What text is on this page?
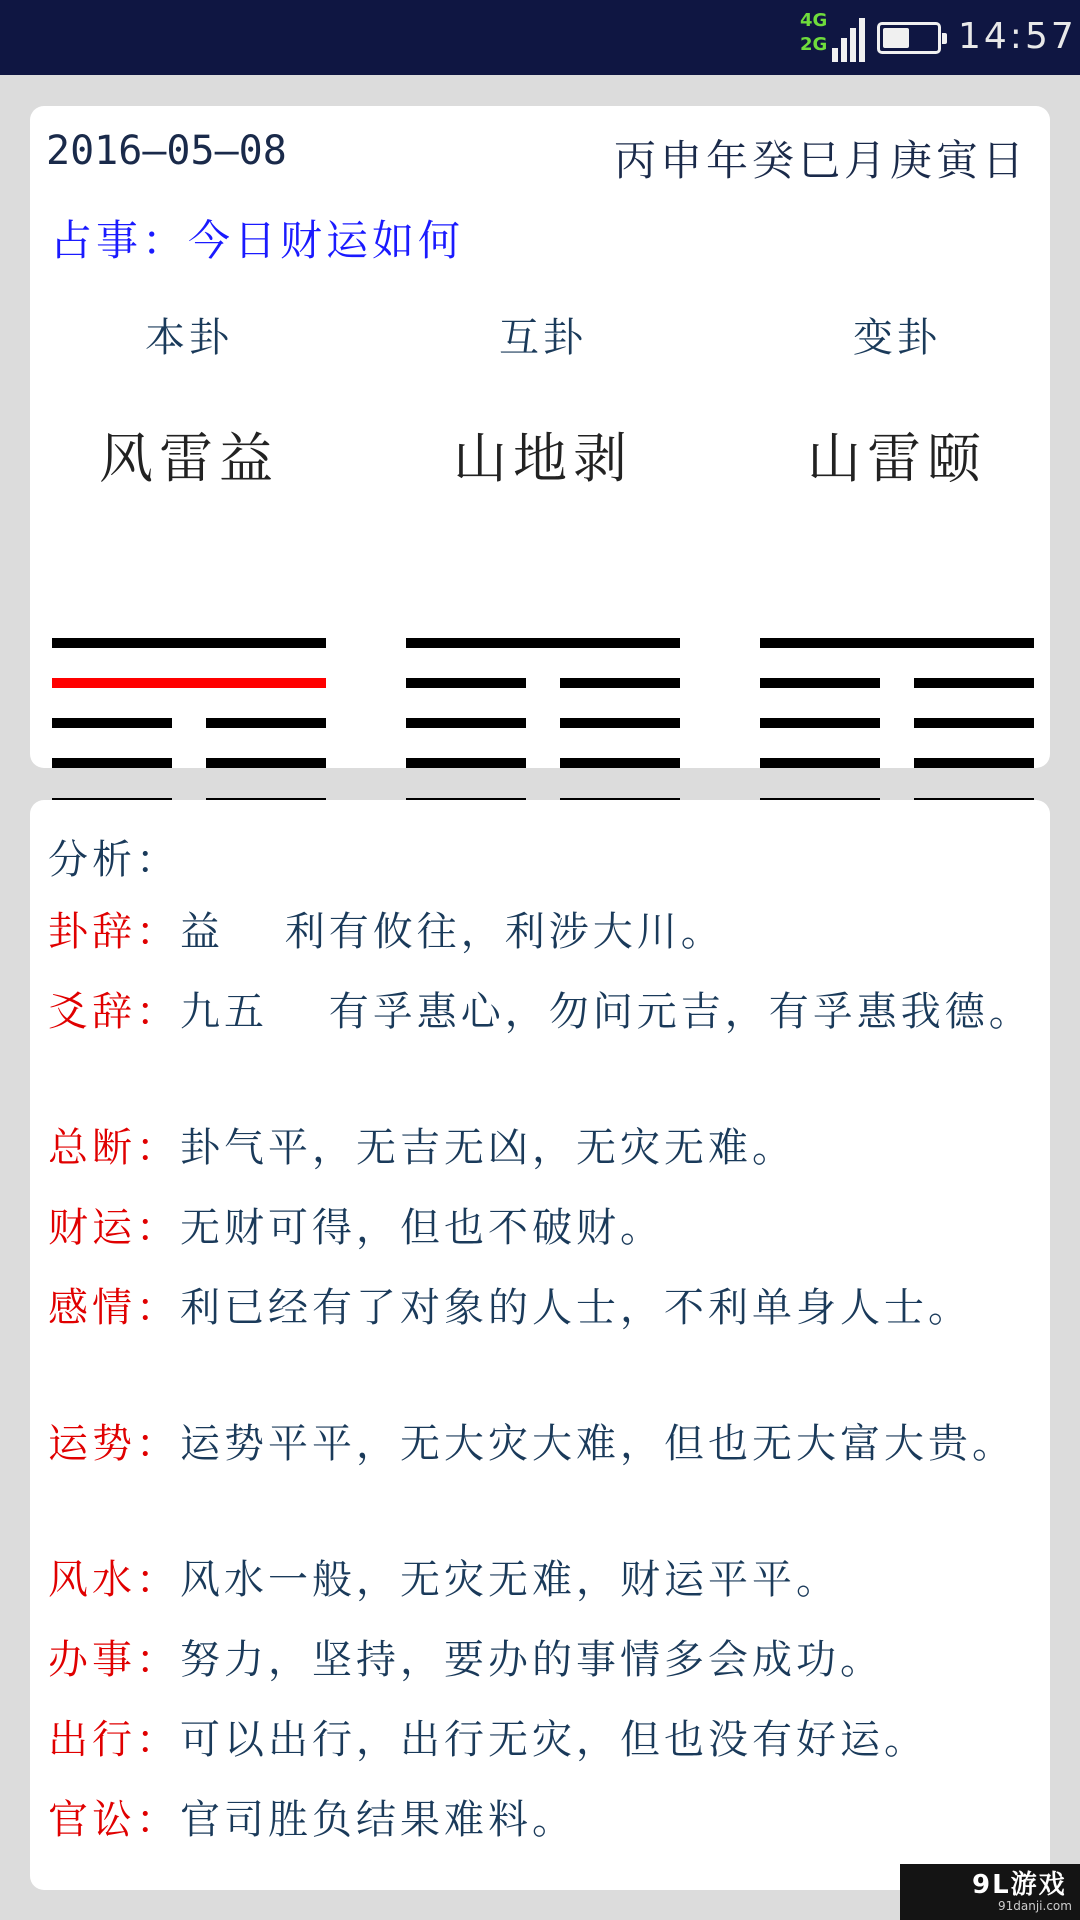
4G
2G	14:57
2016—05—08	丙申年癸巳月庚寅日
占事：今日财运如何
本卦
风雷益
互卦
山地剥
变卦
山雷颐
分析：
卦辞：益　 利有攸往，利涉大川。
爻辞：九五　 有孚惠心，勿问元吉，有孚惠我德。
总断：卦气平，无吉无凶，无灾无难。
财运：无财可得，但也不破财。
感情：利已经有了对象的人士，不利单身人士。
运势：运势平平，无大灾大难，但也无大富大贵。
风水：风水一般，无灾无难，财运平平。
办事：努力，坚持，要办的事情多会成功。
出行：可以出行，出行无灾，但也没有好运。
官讼：官司胜负结果难料。
9L游戏
91danji.com
